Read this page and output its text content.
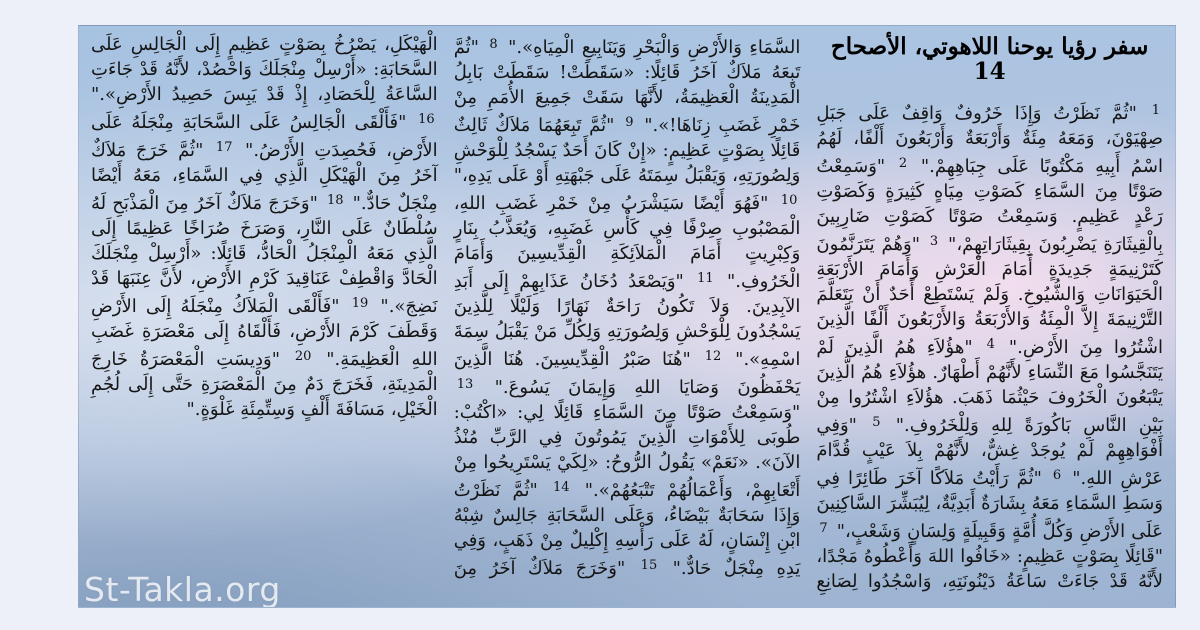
سفر رؤيا يوحنا اللاهوتي، الأصحاح 14
$^1$ "ثُمَّ نَظَرْتُ وَإِذَا خَرُوفٌ وَاقِفٌ عَلَى جَبَلِ صِهْيَوْنَ، وَمَعَهُ مِئَةٌ وَأَرْبَعَةٌ وَأَرْبَعُونَ أَلْفًا، لَهُمُ اسْمُ أَبِيهِ مَكْتُوبًا عَلَى جِبَاهِهِمْ." $^2$ "وَسَمِعْتُ صَوْتًا مِنَ السَّمَاءِ كَصَوْتِ مِيَاهٍ كَثِيرَةٍ وَكَصَوْتِ رَعْدٍ عَظِيمٍ. وَسَمِعْتُ صَوْتًا كَصَوْتِ ضَارِبِينَ بِالْقِيثَارَةِ يَضْرِبُونَ بِقِيثَارَاتِهِمْ،" $^3$ "وَهُمْ يَتَرَنَّمُونَ كَتَرْنِيمَةٍ جَدِيدَةٍ أَمَامَ الْعَرْشِ وَأَمَامَ الأَرْبَعَةِ الْحَيَوَانَاتِ وَالشُّيُوخِ. وَلَمْ يَسْتَطِعْ أَحَدٌ أَنْ يَتَعَلَّمَ التَّرْنِيمَةَ إِلاَّ الْمِئَةُ وَالأَرْبَعَةُ وَالأَرْبَعُونَ أَلْفًا الَّذِينَ اشْتُرُوا مِنَ الأَرْضِ." $^4$ "هؤُلاَءِ هُمُ الَّذِينَ لَمْ يَتَنَجَّسُوا مَعَ النِّسَاءِ لأَنَّهُمْ أَطْهَارٌ. هؤُلاَءِ هُمُ الَّذِينَ يَتْبَعُونَ الْخَرُوفَ حَيْثُمَا ذَهَبَ. هؤُلاَءِ اشْتُرُوا مِنْ بَيْنِ النَّاسِ بَاكُورَةً لِلهِ وَلِلْخَرُوفِ." $^5$ "وَفِي أَفْوَاهِهِمْ لَمْ يُوجَدْ غِشٌّ، لأَنَّهُمْ بِلاَ عَيْبٍ قُدَّامَ عَرْشِ اللهِ." $^6$ "ثُمَّ رَأَيْتُ مَلاَكًا آخَرَ طَائِرًا فِي وَسَطِ السَّمَاءِ مَعَهُ بِشَارَةٌ أَبَدِيَّةٌ، لِيُبَشِّرَ السَّاكِنِينَ عَلَى الأَرْضِ وَكُلَّ أُمَّةٍ وَقَبِيلَةٍ وَلِسَانٍ وَشَعْبٍ،" $^7$ "قَائِلًا بِصَوْتٍ عَظِيمٍ: «خَافُوا اللهَ وَأَعْطُوهُ مَجْدًا، لأَنَّهُ قَدْ جَاءَتْ سَاعَةُ دَيْنُونَتِهِ، وَاسْجُدُوا لِصَانِعِ السَّمَاءِ وَالأَرْضِ وَالْبَحْرِ وَيَنَابِيعِ الْمِيَاهِ»." $^8$ "ثُمَّ تَبِعَهُ مَلاَكٌ آخَرُ قَائِلًا: «سَقَطَتْ! سَقَطَتْ بَابِلُ الْمَدِينَةُ الْعَظِيمَةُ، لأَنَّهَا سَقَتْ جَمِيعَ الأُمَمِ مِنْ خَمْرِ غَضَبِ زِنَاهَا!»." $^9$ "ثُمَّ تَبِعَهُمَا مَلاَكٌ ثَالِثٌ قَائِلًا بِصَوْتٍ عَظِيمٍ: «إِنْ كَانَ أَحَدٌ يَسْجُدُ لِلْوَحْشِ وَلِصُورَتِهِ، وَيَقْبَلُ سِمَتَهُ عَلَى جَبْهَتِهِ أَوْ عَلَى يَدِهِ،" $^{10}$ "فَهُوَ أَيْضًا سَيَشْرَبُ مِنْ خَمْرِ غَضَبِ اللهِ، الْمَصْبُوبِ صِرْفًا فِي كَأْسِ غَضَبِهِ، وَيُعَذَّبُ بِنَارٍ وَكِبْرِيتٍ أَمَامَ الْمَلاَئِكَةِ الْقِدِّيسِينَ وَأَمَامَ الْخَرُوفِ." $^{11}$ "وَيَصْعَدُ دُخَانُ عَذَابِهِمْ إِلَى أَبَدِ الآبِدِينَ. وَلاَ تَكُونُ رَاحَةٌ نَهَارًا وَلَيْلًا لِلَّذِينَ يَسْجُدُونَ لِلْوَحْشِ وَلِصُورَتِهِ وَلِكُلِّ مَنْ يَقْبَلُ سِمَةَ اسْمِهِ»." $^{12}$ "هُنَا صَبْرُ الْقِدِّيسِينَ. هُنَا الَّذِينَ يَحْفَظُونَ وَصَايَا اللهِ وَإِيمَانَ يَسُوعَ." $^{13}$ "وَسَمِعْتُ صَوْتًا مِنَ السَّمَاءِ قَائِلًا لِي: «اكْتُبْ: طُوبَى لِلأَمْوَاتِ الَّذِينَ يَمُوتُونَ فِي الرَّبِّ مُنْذُ الآنَ». «نَعَمْ» يَقُولُ الرُّوحُ: «لِكَيْ يَسْتَرِيحُوا مِنْ أَتْعَابِهِمْ، وَأَعْمَالُهُمْ تَتْبَعُهُمْ»." $^{14}$ "ثُمَّ نَظَرْتُ وَإِذَا سَحَابَةٌ بَيْضَاءُ، وَعَلَى السَّحَابَةِ جَالِسٌ شِبْهُ ابْنِ إِنْسَانٍ، لَهُ عَلَى رَأْسِهِ إِكْلِيلٌ مِنْ ذَهَبٍ، وَفِي يَدِهِ مِنْجَلٌ حَادٌّ." $^{15}$ "وَخَرَجَ مَلاَكٌ آخَرُ مِنَ الْهَيْكَلِ، يَصْرُخُ بِصَوْتٍ عَظِيمٍ إِلَى الْجَالِسِ عَلَى السَّحَابَةِ: «أَرْسِلْ مِنْجَلَكَ وَاحْصُدْ، لأَنَّهُ قَدْ جَاءَتِ السَّاعَةُ لِلْحَصَادِ، إِذْ قَدْ يَبِسَ حَصِيدُ الأَرْضِ»." $^{16}$ "فَأَلْقَى الْجَالِسُ عَلَى السَّحَابَةِ مِنْجَلَهُ عَلَى الأَرْضِ، فَحُصِدَتِ الأَرْضُ." $^{17}$ "ثُمَّ خَرَجَ مَلاَكٌ آخَرُ مِنَ الْهَيْكَلِ الَّذِي فِي السَّمَاءِ، مَعَهُ أَيْضًا مِنْجَلٌ حَادٌّ." $^{18}$ "وَخَرَجَ مَلاَكٌ آخَرُ مِنَ الْمَذْبَحِ لَهُ سُلْطَانٌ عَلَى النَّارِ، وَصَرَخَ صُرَاخًا عَظِيمًا إِلَى الَّذِي مَعَهُ الْمِنْجَلُ الْحَادُّ، قَائِلًا: «أَرْسِلْ مِنْجَلَكَ الْحَادَّ وَاقْطِفْ عَنَاقِيدَ كَرْمِ الأَرْضِ، لأَنَّ عِنَبَهَا قَدْ نَضِجَ»." $^{19}$ "فَأَلْقَى الْمَلاَكُ مِنْجَلَهُ إِلَى الأَرْضِ وَقَطَفَ كَرْمَ الأَرْضِ، فَأَلْقَاهُ إِلَى مَعْصَرَةِ غَضَبِ اللهِ الْعَظِيمَةِ." $^{20}$ "وَدِيسَتِ الْمَعْصَرَةُ خَارِجَ الْمَدِينَةِ، فَخَرَجَ دَمٌ مِنَ الْمَعْصَرَةِ حَتَّى إِلَى لُجُمِ الْخَيْلِ، مَسَافَةَ أَلْفٍ وَسِتِّمِئَةِ غَلْوَةٍ."
St-Takla.org
